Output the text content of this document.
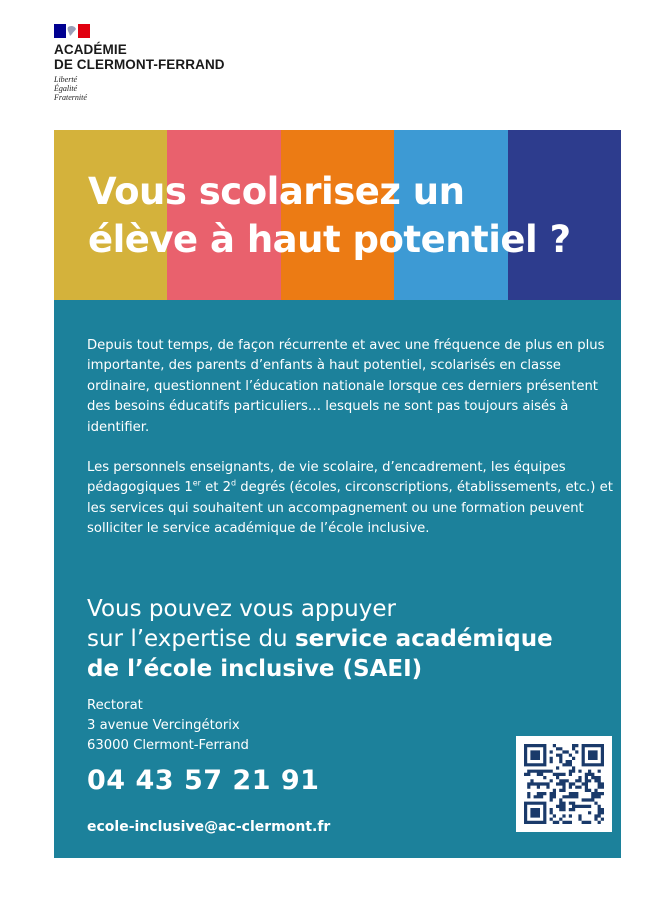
ACADÉMIE
DE CLERMONT-FERRAND
Liberté
Égalité
Fraternité
Vous scolarisez un
élève à haut potentiel ?

Depuis tout temps, de façon récurrente et avec une fréquence de plus en plus importante, des parents d’enfants à haut potentiel, scolarisés en classe ordinaire, questionnent l’éducation nationale lorsque ces derniers présentent des besoins éducatifs particuliers… lesquels ne sont pas toujours aisés à identifier.

Les personnels enseignants, de vie scolaire, d’encadrement, les équipes pédagogiques 1er et 2$^d$ degrés (écoles, circonscriptions, établissements, etc.) et les services qui souhaitent un accompagnement ou une formation peuvent solliciter le service académique de l’école inclusive.

Vous pouvez vous appuyer
sur l’expertise du service académique
de l’école inclusive (SAEI)
Rectorat
3 avenue Vercingétorix
63000 Clermont-Ferrand
04 43 57 21 91
ecole-inclusive@ac-clermont.fr
